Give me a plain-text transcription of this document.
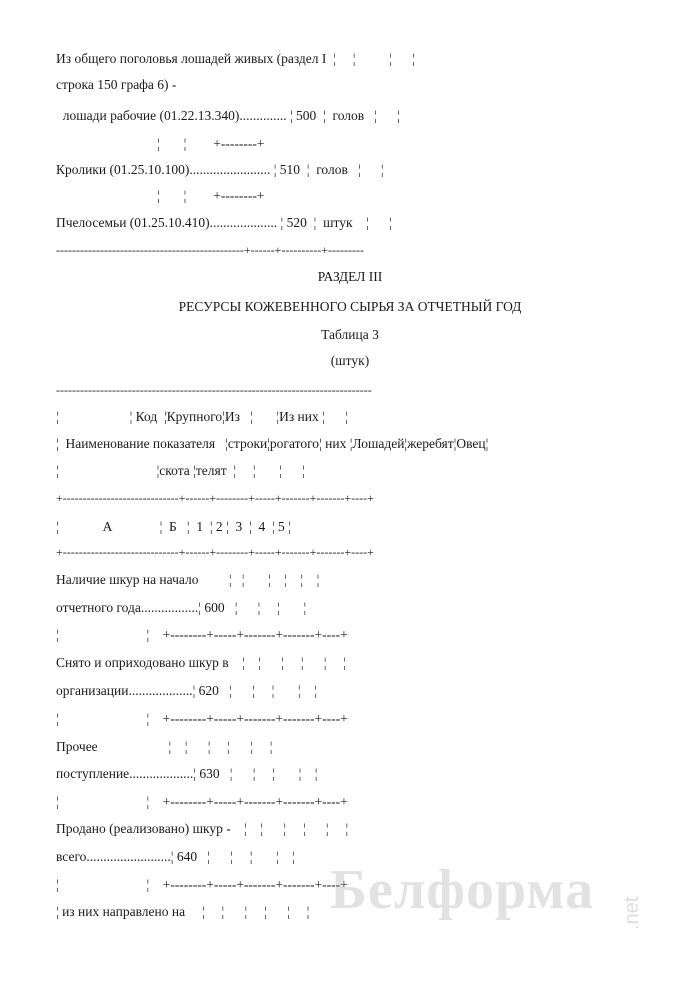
Из общего поголовья лошадей живых (раздел I  ¦     ¦          ¦      ¦
строка 150 графа 6) -
лошади рабочие (01.22.13.340).............. ¦ 500  ¦  голов   ¦      ¦
¦       ¦        +--------+
Кролики (01.25.10.100)........................ ¦ 510  ¦  голов   ¦      ¦
¦       ¦        +--------+
Пчелосемьи (01.25.10.410).................... ¦ 520  ¦  штук    ¦      ¦
-----------------------------------------------+------+----------+---------
РАЗДЕЛ III
РЕСУРСЫ КОЖЕВЕННОГО СЫРЬЯ ЗА ОТЧЕТНЫЙ ГОД
Таблица 3
(штук)
-------------------------------------------------------------------------------
¦                     ¦ Код  ¦Крупного¦Из   ¦       ¦Из них ¦      ¦
¦  Наименование показателя   ¦строки¦рогатого¦ них ¦Лошадей¦жеребят¦Овец¦
¦                             ¦скота ¦телят  ¦     ¦       ¦      ¦
+-----------------------------+------+--------+-----+-------+-------+----+
¦             А              ¦  Б   ¦  1  ¦ 2 ¦  3  ¦  4  ¦ 5 ¦
+-----------------------------+------+--------+-----+-------+-------+----+
Наличие шкур на начало         ¦   ¦       ¦    ¦    ¦    ¦
отчетного года.................¦ 600   ¦      ¦     ¦       ¦
¦                          ¦    +--------+-----+-------+-------+----+
Снято и оприходовано шкур в    ¦    ¦      ¦     ¦      ¦     ¦
организации...................¦ 620   ¦      ¦     ¦       ¦    ¦
¦                          ¦    +--------+-----+-------+-------+----+
Прочее                     ¦    ¦      ¦     ¦      ¦     ¦
поступление...................¦ 630   ¦      ¦     ¦       ¦    ¦
¦                          ¦    +--------+-----+-------+-------+----+
Продано (реализовано) шкур -    ¦    ¦      ¦     ¦      ¦     ¦
всего.........................¦ 640   ¦      ¦     ¦       ¦    ¦
¦                          ¦    +--------+-----+-------+-------+----+
¦ из них направлено на     ¦     ¦      ¦     ¦      ¦     ¦ Белформа .net
